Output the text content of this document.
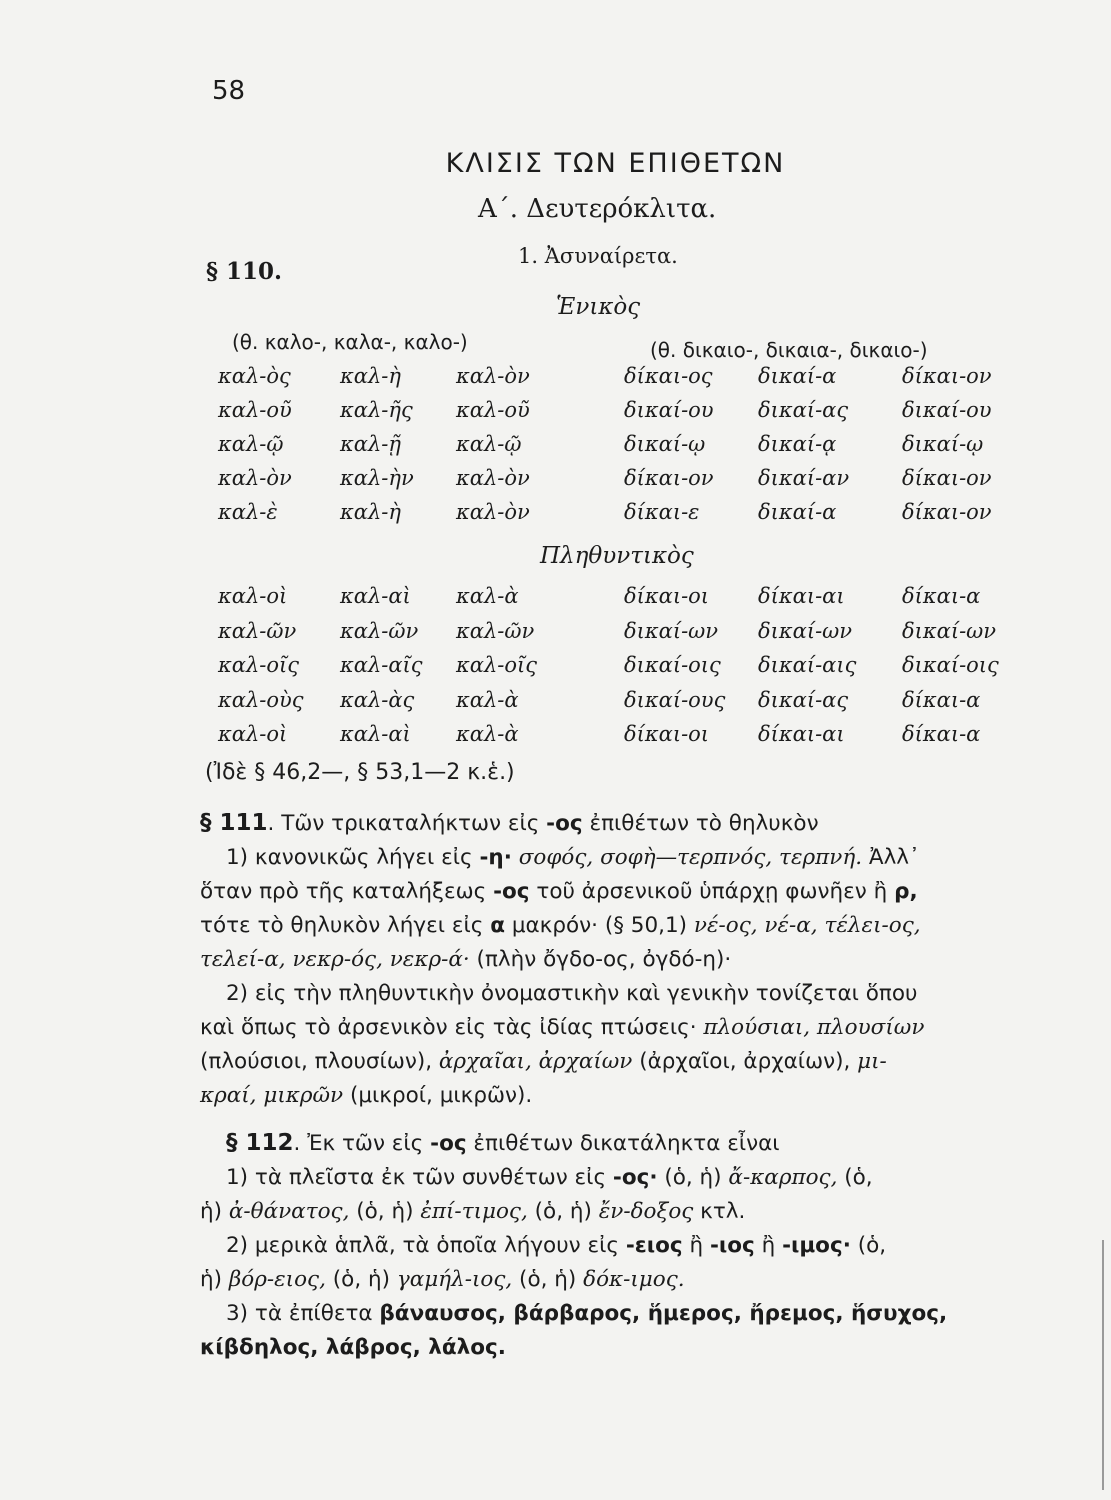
58
ΚΛΙΣΙΣ ΤΩΝ ΕΠΙΘΕΤΩΝ
Α΄. Δευτερόκλιτα.
1. Ἀσυναίρετα.
§ 110.
Ἑνικὸς
(θ. καλο-, καλα-, καλο-)	(θ. δικαιο-, δικαια-, δικαιο-)
καλ-ὸς καλ-ὴ	καλ-ὸν	δίκαι-ος δικαί-α	δίκαι-ον
καλ-οῦ καλ-ῆς καλ-οῦ	δικαί-ου δικαί-ας	δικαί-ου
καλ-ῷ	καλ-ῇ	καλ-ῷ	δικαί-ῳ	δικαί-ᾳ	δικαί-ῳ
καλ-ὸν καλ-ὴν καλ-ὸν	δίκαι-ον δικαί-αν	δίκαι-ον
καλ-ὲ	καλ-ὴ	καλ-ὸν	δίκαι-ε	δικαί-α	δίκαι-ον
Πληθυντικὸς
καλ-οὶ	καλ-αὶ καλ-ὰ	δίκαι-οι δίκαι-αι	δίκαι-α
καλ-ῶν καλ-ῶν καλ-ῶν	δικαί-ων δικαί-ων δικαί-ων
καλ-οῖς καλ-αῖς καλ-οῖς	δικαί-οις δικαί-αις δικαί-οις
καλ-οὺς καλ-ὰς καλ-ὰ	δικαί-ους δικαί-ας	δίκαι-α
καλ-οὶ	καλ-αὶ καλ-ὰ	δίκαι-οι δίκαι-αι	δίκαι-α
(Ἰδὲ § 46,2—, § 53,1—2 κ.ἑ.)
§ 111. Τῶν τρικαταλήκτων εἰς -ος ἐπιθέτων τὸ θηλυκὸν
1) κανονικῶς λήγει εἰς -η· σοφός, σοφὴ—τερπνός, τερπνή. Ἀλλ᾽
ὅταν πρὸ τῆς καταλήξεως -ος τοῦ ἀρσενικοῦ ὑπάρχῃ φωνῆεν ἢ ρ,
τότε τὸ θηλυκὸν λήγει εἰς α μακρόν· (§ 50,1) νέ-ος, νέ-α, τέλει-ος,
τελεί-α, νεκρ-ός, νεκρ-ά· (πλὴν ὄγδο-ος, ὀγδό-η)·
2) εἰς τὴν πληθυντικὴν ὀνομαστικὴν καὶ γενικὴν τονίζεται ὅπου
καὶ ὅπως τὸ ἀρσενικὸν εἰς τὰς ἰδίας πτώσεις· πλούσιαι, πλουσίων
(πλούσιοι, πλουσίων), ἀρχαῖαι, ἀρχαίων (ἀρχαῖοι, ἀρχαίων), μι-
κραί, μικρῶν (μικροί, μικρῶν).
§ 112. Ἐκ τῶν εἰς -ος ἐπιθέτων δικατάληκτα εἶναι
1) τὰ πλεῖστα ἐκ τῶν συνθέτων εἰς -ος· (ὁ, ἡ) ἄ-καρπος, (ὁ,
ἡ) ἀ-θάνατος, (ὁ, ἡ) ἐπί-τιμος, (ὁ, ἡ) ἔν-δοξος κτλ.
2) μερικὰ ἁπλᾶ, τὰ ὁποῖα λήγουν εἰς -ειος ἢ -ιος ἢ -ιμος· (ὁ,
ἡ) βόρ-ειος, (ὁ, ἡ) γαμήλ-ιος, (ὁ, ἡ) δόκ-ιμος.
3) τὰ ἐπίθετα βάναυσος, βάρβαρος, ἥμερος, ἤρεμος, ἥσυχος,
κίβδηλος, λάβρος, λάλος.
